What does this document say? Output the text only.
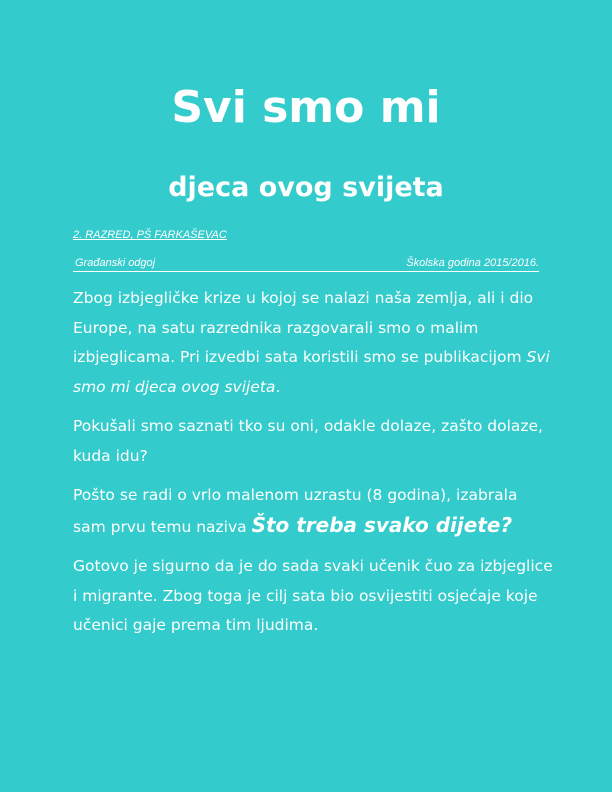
Svi smo mi
djeca ovog svijeta
2. RAZRED, PŠ FARKAŠEVAC
Građanski odgoj	Školska godina 2015/2016.

Zbog izbjegličke krize u kojoj se nalazi naša zemlja, ali i dio Europe, na satu razrednika razgovarali smo o malim izbjeglicama. Pri izvedbi sata koristili smo se publikacijom Svi smo mi djeca ovog svijeta.

Pokušali smo saznati tko su oni, odakle dolaze, zašto dolaze, kuda idu?

Pošto se radi o vrlo malenom uzrastu (8 godina), izabrala sam prvu temu naziva Što treba svako dijete?

Gotovo je sigurno da je do sada svaki učenik čuo za izbjeglice i migrante. Zbog toga je cilj sata bio osvijestiti osjećaje koje učenici gaje prema tim ljudima.
